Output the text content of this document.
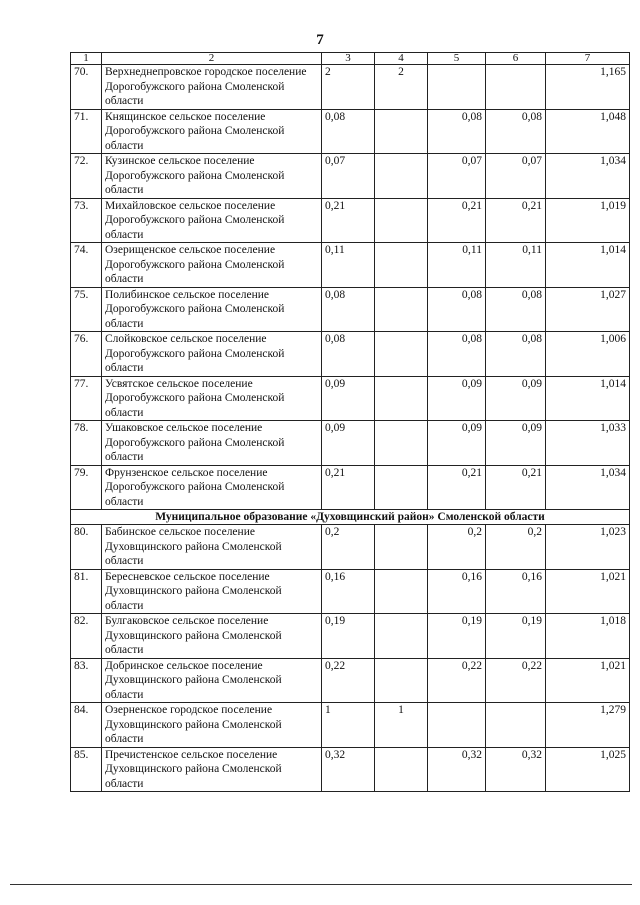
7
1	2	3	4	5	6	7
70.	Верхнеднепровское городское поселение Дорогобужского района Смоленской области	2	2			1,165
71.	Княщинское сельское поселение Дорогобужского района Смоленской области	0,08		0,08	0,08	1,048
72.	Кузинское сельское поселение Дорогобужского района Смоленской области	0,07		0,07	0,07	1,034
73.	Михайловское сельское поселение Дорогобужского района Смоленской области	0,21		0,21	0,21	1,019
74.	Озерищенское сельское поселение Дорогобужского района Смоленской области	0,11		0,11	0,11	1,014
75.	Полибинское сельское поселение Дорогобужского района Смоленской области	0,08		0,08	0,08	1,027
76.	Слойковское сельское поселение Дорогобужского района Смоленской области	0,08		0,08	0,08	1,006
77.	Усвятское сельское поселение Дорогобужского района Смоленской области	0,09		0,09	0,09	1,014
78.	Ушаковское сельское поселение Дорогобужского района Смоленской области	0,09		0,09	0,09	1,033
79.	Фрунзенское сельское поселение Дорогобужского района Смоленской области	0,21		0,21	0,21	1,034
Муниципальное образование «Духовщинский район» Смоленской области						
80.	Бабинское сельское поселение Духовщинского района Смоленской области	0,2		0,2	0,2	1,023
81.	Бересневское сельское поселение Духовщинского района Смоленской области	0,16		0,16	0,16	1,021
82.	Булгаковское сельское поселение Духовщинского района Смоленской области	0,19		0,19	0,19	1,018
83.	Добринское сельское поселение Духовщинского района Смоленской области	0,22		0,22	0,22	1,021
84.	Озерненское городское поселение Духовщинского района Смоленской области	1	1			1,279
85.	Пречистенское сельское поселение Духовщинского района Смоленской области	0,32		0,32	0,32	1,025
